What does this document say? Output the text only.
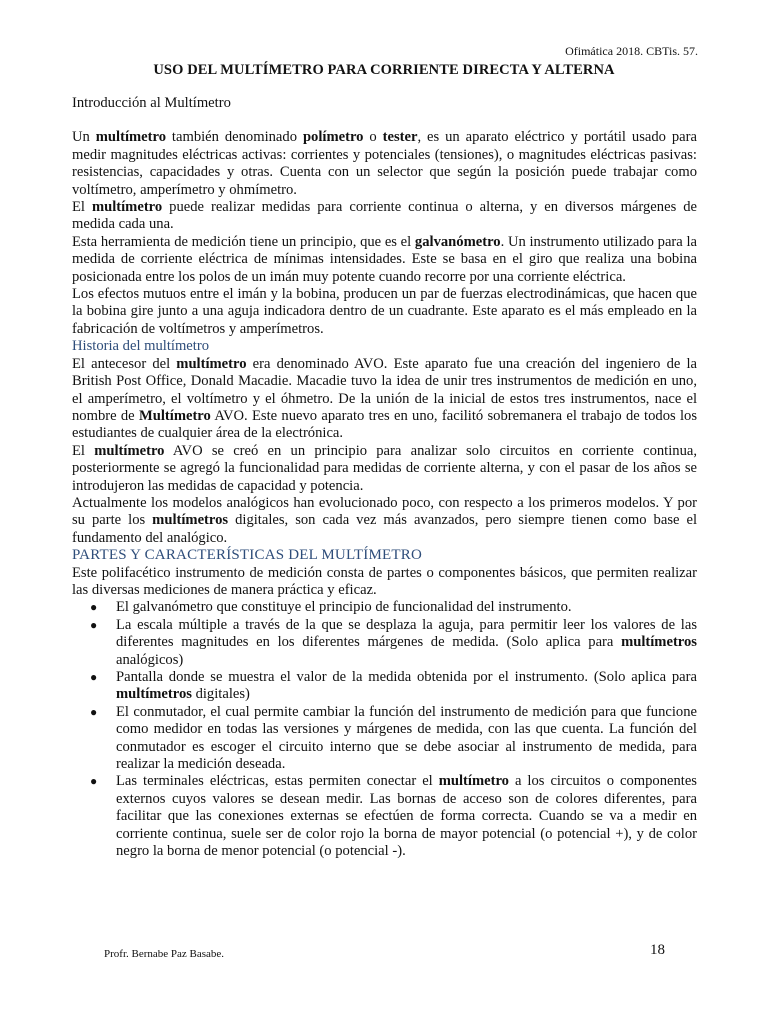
Ofimática 2018. CBTis. 57.
USO DEL MULTÍMETRO PARA CORRIENTE DIRECTA Y ALTERNA

Introducción al Multímetro

Un multímetro también denominado polímetro o tester, es un aparato eléctrico y portátil usado para medir magnitudes eléctricas activas: corrientes y potenciales (tensiones), o magnitudes eléctricas pasivas: resistencias, capacidades y otras. Cuenta con un selector que según la posición puede trabajar como voltímetro, amperímetro y ohmímetro.

El multímetro puede realizar medidas para corriente continua o alterna, y en diversos márgenes de medida cada una.

Esta herramienta de medición tiene un principio, que es el galvanómetro. Un instrumento utilizado para la medida de corriente eléctrica de mínimas intensidades. Este se basa en el giro que realiza una bobina posicionada entre los polos de un imán muy potente cuando recorre por una corriente eléctrica.

Los efectos mutuos entre el imán y la bobina, producen un par de fuerzas electrodinámicas, que hacen que la bobina gire junto a una aguja indicadora dentro de un cuadrante. Este aparato es el más empleado en la fabricación de voltímetros y amperímetros.

Historia del multímetro

El antecesor del multímetro era denominado AVO. Este aparato fue una creación del ingeniero de la British Post Office, Donald Macadie. Macadie tuvo la idea de unir tres instrumentos de medición en uno, el amperímetro, el voltímetro y el óhmetro. De la unión de la inicial de estos tres instrumentos, nace el nombre de Multímetro AVO. Este nuevo aparato tres en uno, facilitó sobremanera el trabajo de todos los estudiantes de cualquier área de la electrónica.

El multímetro AVO se creó en un principio para analizar solo circuitos en corriente continua, posteriormente se agregó la funcionalidad para medidas de corriente alterna, y con el pasar de los años se introdujeron las medidas de capacidad y potencia.

Actualmente los modelos analógicos han evolucionado poco, con respecto a los primeros modelos. Y por su parte los multímetros digitales, son cada vez más avanzados, pero siempre tienen como base el fundamento del analógico.

PARTES Y CARACTERÍSTICAS DEL MULTÍMETRO

Este polifacético instrumento de medición consta de partes o componentes básicos, que permiten realizar las diversas mediciones de manera práctica y eficaz.

● El galvanómetro que constituye el principio de funcionalidad del instrumento.
● La escala múltiple a través de la que se desplaza la aguja, para permitir leer los valores de las diferentes magnitudes en los diferentes márgenes de medida. (Solo aplica para multímetros analógicos)
● Pantalla donde se muestra el valor de la medida obtenida por el instrumento. (Solo aplica para multímetros digitales)
● El conmutador, el cual permite cambiar la función del instrumento de medición para que funcione como medidor en todas las versiones y márgenes de medida, con las que cuenta. La función del conmutador es escoger el circuito interno que se debe asociar al instrumento de medida, para realizar la medición deseada.
● Las terminales eléctricas, estas permiten conectar el multímetro a los circuitos o componentes externos cuyos valores se desean medir. Las bornas de acceso son de colores diferentes, para facilitar que las conexiones externas se efectúen de forma correcta. Cuando se va a medir en corriente continua, suele ser de color rojo la borna de mayor potencial (o potencial +), y de color negro la borna de menor potencial (o potencial -).
Profr. Bernabe Paz Basabe.	18
